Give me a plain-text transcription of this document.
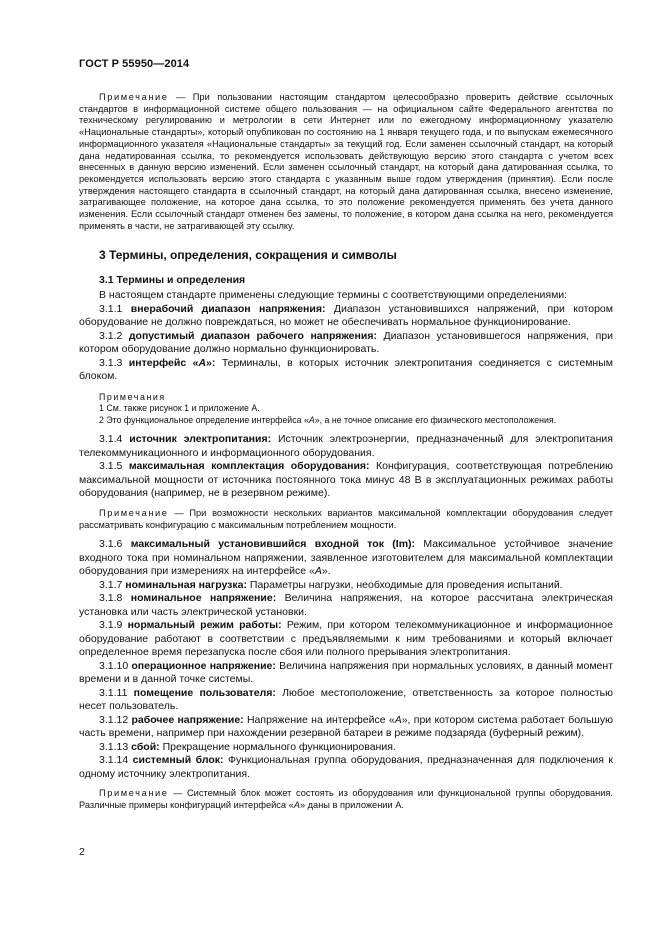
ГОСТ Р 55950—2014

Примечание — При пользовании настоящим стандартом целесообразно проверить действие ссылочных стандартов в информационной системе общего пользования — на официальном сайте Федерального агентства по техническому регулированию и метрологии в сети Интернет или по ежегодному информационному указателю «Национальные стандарты», который опубликован по состоянию на 1 января текущего года, и по выпускам ежемесячного информационного указателя «Национальные стандарты» за текущий год. Если заменен ссылочный стандарт, на который дана недатированная ссылка, то рекомендуется использовать действующую версию этого стандарта с учетом всех внесенных в данную версию изменений. Если заменен ссылочный стандарт, на который дана датированная ссылка, то рекомендуется использовать версию этого стандарта с указанным выше годом утверждения (принятия). Если после утверждения настоящего стандарта в ссылочный стандарт, на который дана датированная ссылка, внесено изменение, затрагивающее положение, на которое дана ссылка, то это положение рекомендуется применять без учета данного изменения. Если ссылочный стандарт отменен без замены, то положение, в котором дана ссылка на него, рекомендуется применять в части, не затрагивающей эту ссылку.

3 Термины, определения, сокращения и символы
3.1 Термины и определения

В настоящем стандарте применены следующие термины с соответствующими определениями:

3.1.1 внерабочий диапазон напряжения: Диапазон установившихся напряжений, при котором оборудование не должно повреждаться, но может не обеспечивать нормальное функционирование.

3.1.2 допустимый диапазон рабочего напряжения: Диапазон установившегося напряжения, при котором оборудование должно нормально функционировать.

3.1.3 интерфейс «А»: Терминалы, в которых источник электропитания соединяется с системным блоком.

Примечания

1 См. также рисунок 1 и приложение А.

2 Это функциональное определение интерфейса «А», а не точное описание его физического местоположения.

3.1.4 источник электропитания: Источник электроэнергии, предназначенный для электропитания телекоммуникационного и информационного оборудования.

3.1.5 максимальная комплектация оборудования: Конфигурация, соответствующая потреблению максимальной мощности от источника постоянного тока минус 48 В в эксплуатационных режимах работы оборудования (например, не в резервном режиме).

Примечание — При возможности нескольких вариантов максимальной комплектации оборудования следует рассматривать конфигурацию с максимальным потреблением мощности.

3.1.6 максимальный установившийся входной ток (Im): Максимальное устойчивое значение входного тока при номинальном напряжении, заявленное изготовителем для максимальной комплектации оборудования при измерениях на интерфейсе «А».

3.1.7 номинальная нагрузка: Параметры нагрузки, необходимые для проведения испытаний.

3.1.8 номинальное напряжение: Величина напряжения, на которое рассчитана электрическая установка или часть электрической установки.

3.1.9 нормальный режим работы: Режим, при котором телекоммуникационное и информационное оборудование работают в соответствии с предъявляемыми к ним требованиями и который включает определенное время перезапуска после сбоя или полного прерывания электропитания.

3.1.10 операционное напряжение: Величина напряжения при нормальных условиях, в данный момент времени и в данной точке системы.

3.1.11 помещение пользователя: Любое местоположение, ответственность за которое полностью несет пользователь.

3.1.12 рабочее напряжение: Напряжение на интерфейсе «А», при котором система работает большую часть времени, например при нахождении резервной батареи в режиме подзаряда (буферный режим).

3.1.13 сбой: Прекращение нормального функционирования.

3.1.14 системный блок: Функциональная группа оборудования, предназначенная для подключения к одному источнику электропитания.

Примечание — Системный блок может состоять из оборудования или функциональной группы оборудования. Различные примеры конфигураций интерфейса «А» даны в приложении А.

2
